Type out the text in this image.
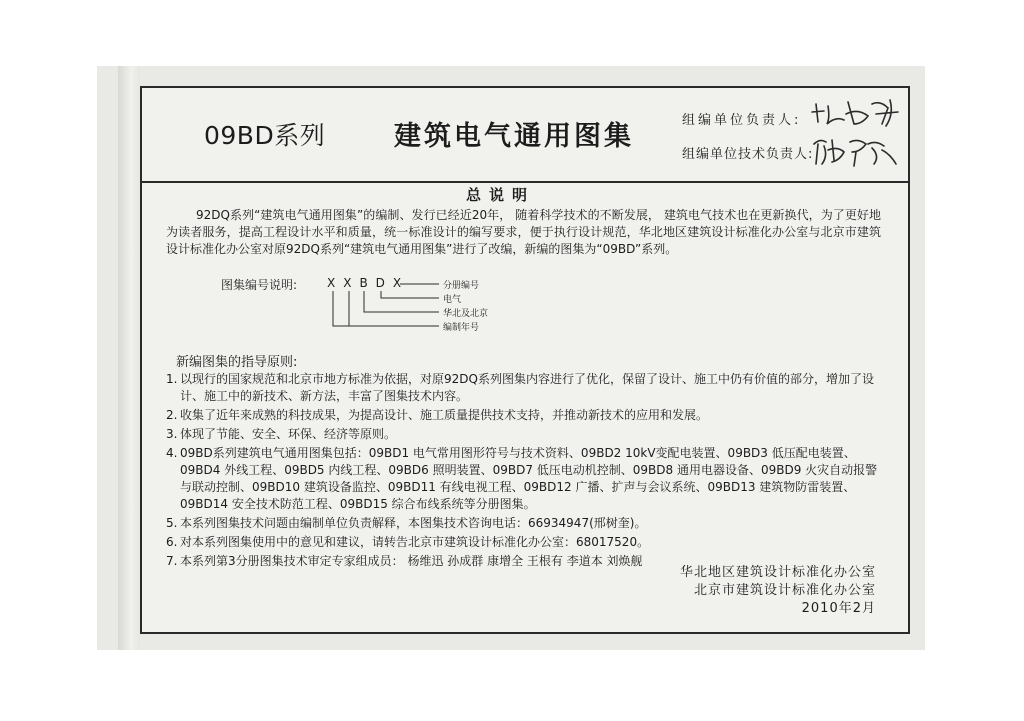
09BD系列	建筑电气通用图集
组编单位负责人:
组编单位技术负责人:
总说明

92DQ系列“建筑电气通用图集”的编制、发行已经近20年， 随着科学技术的不断发展， 建筑电气技术也在更新换代，为了更好地为读者服务，提高工程设计水平和质量，统一标准设计的编写要求，便于执行设计规范，华北地区建筑设计标准化办公室与北京市建筑设计标准化办公室对原92DQ系列“建筑电气通用图集”进行了改编，新编的图集为“09BD”系列。

图集编号说明: XXBDX	分册编号
电气
华北及北京
编制年号
新编图集的指导原则:
1. 以现行的国家规范和北京市地方标准为依据，对原92DQ系列图集内容进行了优化，保留了设计、施工中仍有价值的部分，增加了设计、施工中的新技术、新方法，丰富了图集技术内容。
2. 收集了近年来成熟的科技成果，为提高设计、施工质量提供技术支持，并推动新技术的应用和发展。
3. 体现了节能、安全、环保、经济等原则。
4. 09BD系列建筑电气通用图集包括：09BD1 电气常用图形符号与技术资料、09BD2 10kV变配电装置、09BD3 低压配电装置、09BD4 外线工程、09BD5 内线工程、09BD6 照明装置、09BD7 低压电动机控制、09BD8 通用电器设备、09BD9 火灾自动报警与联动控制、09BD10 建筑设备监控、09BD11 有线电视工程、09BD12 广播、扩声与会议系统、09BD13 建筑物防雷装置、09BD14 安全技术防范工程、09BD15 综合布线系统等分册图集。
5. 本系列图集技术问题由编制单位负责解释，本图集技术咨询电话：66934947(邢树奎)。
6. 对本系列图集使用中的意见和建议，请转告北京市建筑设计标准化办公室：68017520。
7. 本系列第3分册图集技术审定专家组成员： 杨维迅 孙成群 康增全 王根有 李道本 刘焕舰
华北地区建筑设计标准化办公室
北京市建筑设计标准化办公室
2010年2月
